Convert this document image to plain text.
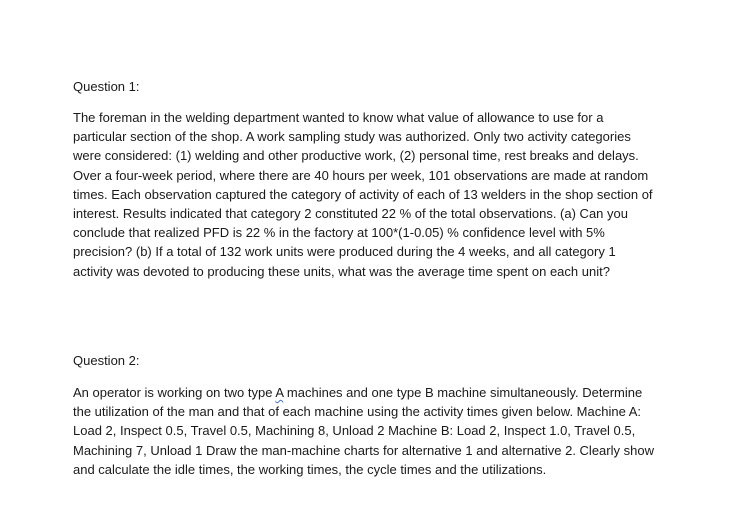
Question 1:

The foreman in the welding department wanted to know what value of allowance to use for a
particular section of the shop. A work sampling study was authorized. Only two activity categories
were considered: (1) welding and other productive work, (2) personal time, rest breaks and delays.
Over a four-week period, where there are 40 hours per week, 101 observations are made at random
times. Each observation captured the category of activity of each of 13 welders in the shop section of
interest. Results indicated that category 2 constituted 22 % of the total observations. (a) Can you
conclude that realized PFD is 22 % in the factory at 100*(1-0.05) % confidence level with 5%
precision? (b) If a total of 132 work units were produced during the 4 weeks, and all category 1
activity was devoted to producing these units, what was the average time spent on each unit?

Question 2:

An operator is working on two type A machines and one type B machine simultaneously. Determine
the utilization of the man and that of each machine using the activity times given below. Machine A:
Load 2, Inspect 0.5, Travel 0.5, Machining 8, Unload 2 Machine B: Load 2, Inspect 1.0, Travel 0.5,
Machining 7, Unload 1 Draw the man-machine charts for alternative 1 and alternative 2. Clearly show
and calculate the idle times, the working times, the cycle times and the utilizations.
